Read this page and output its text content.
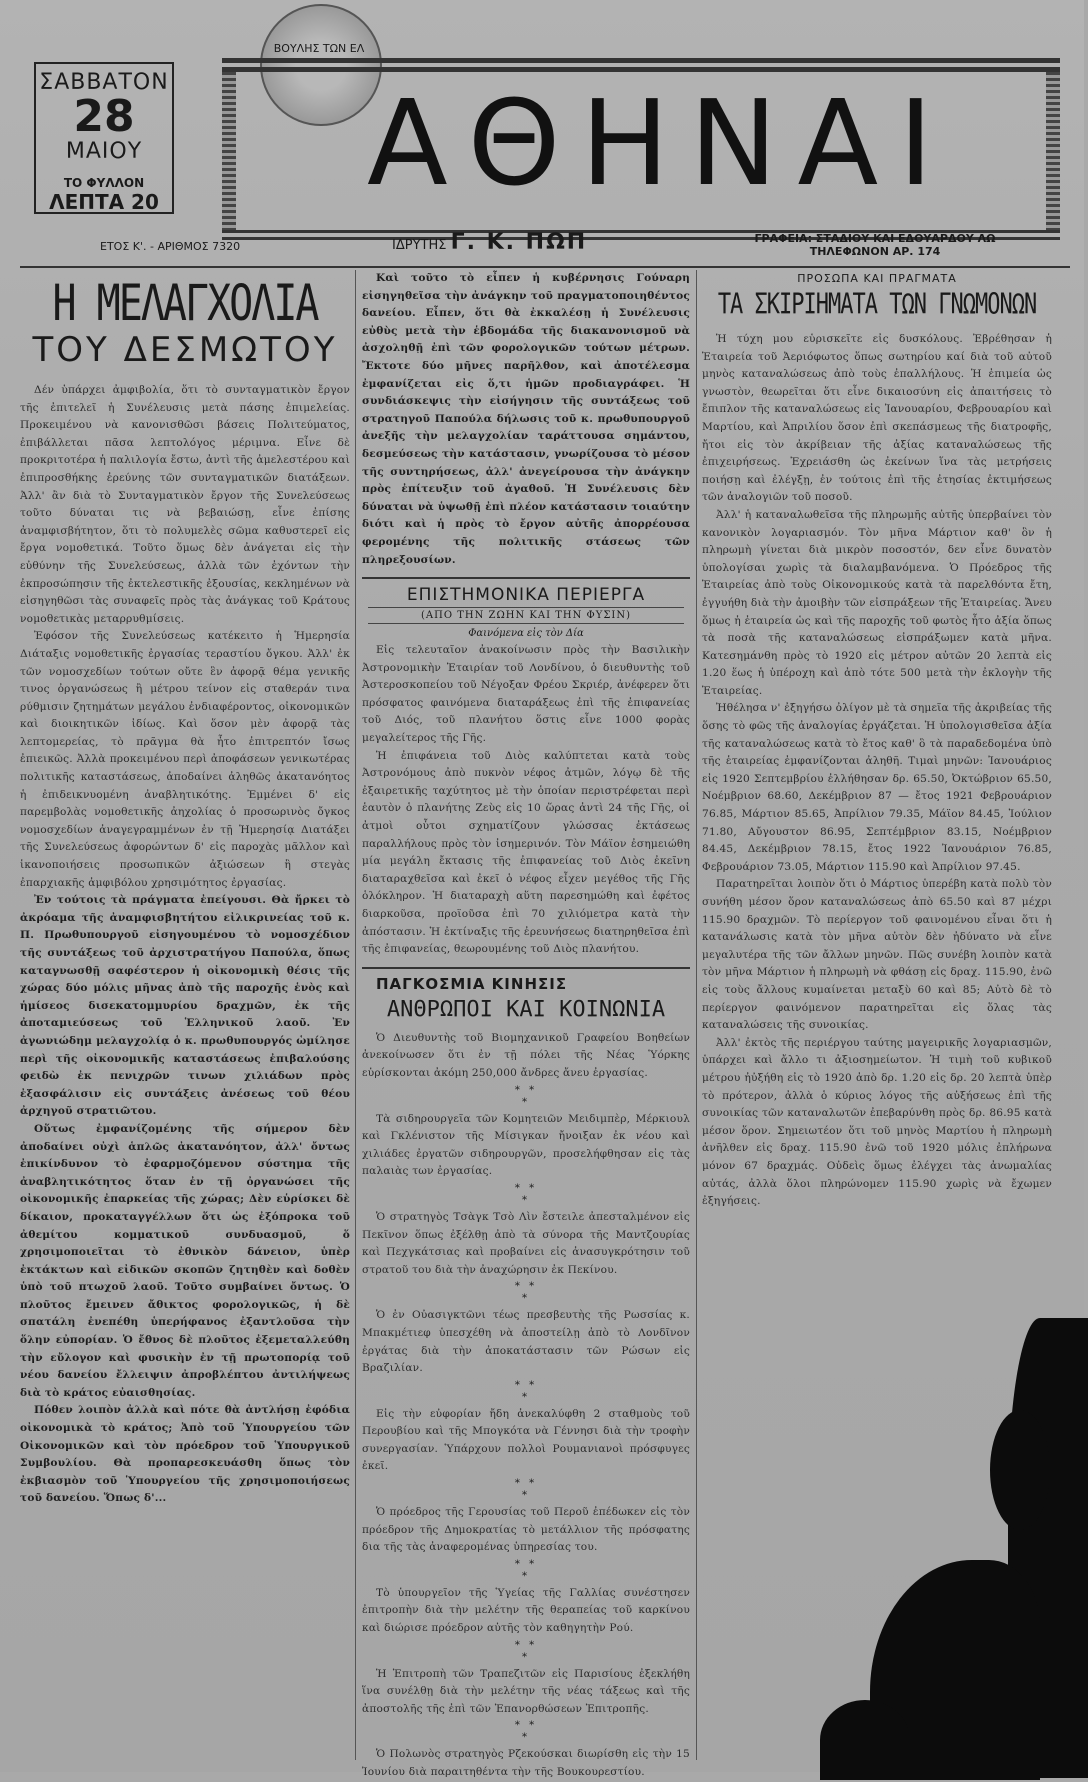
ΣΑΒΒΑΤΟΝ
28
ΜΑΙΟΥ
ΤΟ ΦΥΛΛΟΝ
ΛΕΠΤΑ 20
ΒΟΥΛΗΣ ΤΩΝ ΕΛ
ΑΘΗΝΑΙ
ΕΤΟΣ Κ'. - ΑΡΙΘΜΟΣ 7320	ΙΔΡΥΤΗΣ Γ. Κ. ΠΩΠ	ΓΡΑΦΕΙΑ: ΣΤΑΔΙΟΥ ΚΑΙ ΕΔΟΥΑΡΔΟΥ ΛΩ
ΤΗΛΕΦΩΝΟΝ ΑΡ. 174
Η ΜΕΛΑΓΧΟΛΙΑ
ΤΟΥ ΔΕΣΜΩΤΟΥ

Δέν ὑπάρχει ἀμφιβολία, ὅτι τὸ συνταγματικὸν ἔργον τῆς ἐπιτελεῖ ἡ Συνέλευσις μετὰ πάσης ἐπιμελείας. Προκειμένου νὰ κανονισθῶσι βάσεις Πολιτεύματος, ἐπιβάλλεται πᾶσα λεπτολόγος μέριμνα. Εἶνε δὲ προκριτοτέρα ἡ παλιλογία ἔστω, ἀντὶ τῆς ἀμελεστέρου καὶ ἐπιπροσθήκης ἐρεύνης τῶν συνταγματικῶν διατάξεων. Ἀλλ' ἂν διὰ τὸ Συνταγματικὸν ἔργον τῆς Συνελεύσεως τοῦτο δύναται τις νὰ βεβαιώσῃ, εἶνε ἐπίσης ἀναμφισβήτητον, ὅτι τὸ πολυμελὲς σῶμα καθυστερεῖ εἰς ἔργα νομοθετικά. Τοῦτο ὅμως δὲν ἀνάγεται εἰς τὴν εὐθύνην τῆς Συνελεύσεως, ἀλλὰ τῶν ἐχόντων τὴν ἐκπροσώπησιν τῆς ἐκτελεστικῆς ἐξουσίας, κεκλημένων νὰ εἰσηγηθῶσι τὰς συναφεῖς πρὸς τὰς ἀνάγκας τοῦ Κράτους νομοθετικὰς μεταρρυθμίσεις.

Ἐφόσον τῆς Συνελεύσεως κατέκειτο ἡ Ἡμερησία Διάταξις νομοθετικῆς ἐργασίας τεραστίου ὄγκου. Ἀλλ' ἐκ τῶν νομοσχεδίων τούτων οὔτε ἓν ἀφορᾷ θέμα γενικῆς τινος ὀργανώσεως ἢ μέτρου τείνον εἰς σταθεράν τινα ρύθμισιν ζητημάτων μεγάλου ἐνδιαφέροντος, οἰκονομικῶν καὶ διοικητικῶν ἰδίως. Καὶ ὅσον μὲν ἀφορᾷ τὰς λεπτομερείας, τὸ πρᾶγμα θὰ ἦτο ἐπιτρεπτόν ἴσως ἐπιεικῶς. Ἀλλὰ προκειμένου περὶ ἀποφάσεων γενικωτέρας πολιτικῆς καταστάσεως, ἀποδαίνει ἀληθῶς ἀκατανόητος ἡ ἐπιδεικνυομένη ἀναβλητικότης. Ἐμμένει δ' εἰς παρεμβολὰς νομοθετικῆς ἀηχολίας ὁ προσωρινὸς ὄγκος νομοσχεδίων ἀναγεγραμμένων ἐν τῇ Ἡμερησίᾳ Διατάξει τῆς Συνελεύσεως ἀφορώντων δ' εἰς παροχὰς μᾶλλον καὶ ἱκανοποιήσεις προσωπικῶν ἀξιώσεων ἢ στεγὰς ἐπαρχιακῆς ἀμφιβόλου χρησιμότητος ἐργασίας.

Ἐν τούτοις τὰ πράγματα ἐπείγουσι. Θὰ ἤρκει τὸ ἀκρόαμα τῆς ἀναμφισβητήτου εἰλικρινείας τοῦ κ. Π. Πρωθυπουργοῦ εἰσηγουμένου τὸ νομοσχέδιον τῆς συντάξεως τοῦ ἀρχιστρατήγου Παπούλα, ὅπως καταγνωσθῇ σαφέστερον ἡ οἰκονομικὴ θέσις τῆς χώρας δύο μόλις μῆνας ἀπὸ τῆς παροχῆς ἑνὸς καὶ ἡμίσεος δισεκατομμυρίου δραχμῶν, ἐκ τῆς ἀποταμιεύσεως τοῦ Ἑλληνικοῦ λαοῦ. Ἐν ἀγωνιώδημ μελαγχολίᾳ ὁ κ. πρωθυπουργός ὡμίλησε περὶ τῆς οἰκονομικῆς καταστάσεως ἐπιβαλούσης φειδὼ ἐκ πενιχρῶν τινων χιλιάδων πρὸς ἐξασφάλισιν εἰς συντάξεις ἀνέσεως τοῦ θέου ἀρχηγοῦ στρατιῶτου.

Οὕτως ἐμφανίζομένης τῆς σήμερον δὲν ἀποδαίνει οὐχὶ ἁπλῶς ἀκατανόητον, ἀλλ' ὄντως ἐπικίνδυνον τὸ ἐφαρμοζόμενον σύστημα τῆς ἀναβλητικότητος ὅταν ἐν τῇ ὀργανώσει τῆς οἰκονομικῆς ἐπαρκείας τῆς χώρας; Δὲν εὑρίσκει δὲ δίκαιον, προκαταγγέλλων ὅτι ὡς ἐξόπροκα τοῦ ἀθεμίτου κομματικοῦ συνδυασμοῦ, ὅ χρησιμοποιεῖται τὸ ἐθνικὸν δάνειον, ὑπὲρ ἐκτάκτων καὶ εἰδικῶν σκοπῶν ζητηθὲν καὶ δοθὲν ὑπὸ τοῦ πτωχοῦ λαοῦ. Τοῦτο συμβαίνει ὄντως. Ὁ πλοῦτος ἔμεινεν ἄθικτος φορολογικῶς, ἡ δὲ σπατάλη ἐνεπέθη ὑπερήφανος ἐξαντλοῦσα τὴν ὅλην εὐπορίαν. Ὁ ἔθνος δὲ πλοῦτος ἐξεμεταλλεύθη τὴν εὔλογον καὶ φυσικὴν ἐν τῇ πρωτοπορίᾳ τοῦ νέου δανείου ἔλλειψιν ἀπροβλέπτου ἀντιλήψεως διὰ τὸ κράτος εὐαισθησίας.

Πόθεν λοιπὸν ἀλλὰ καὶ πότε θὰ ἀντλήσῃ ἐφόδια οἰκονομικὰ τὸ κράτος; Ἀπὸ τοῦ Ὑπουργείου τῶν Οἰκονομικῶν καὶ τὸν πρόεδρον τοῦ Ὑπουργικοῦ Συμβουλίου. Θὰ προπαρεσκευάσθη ὅπως τὸν ἐκβιασμὸν τοῦ Ὑπουργείου τῆς χρησιμοποιήσεως τοῦ δανείου. Ὅπως δ'...

Καὶ τοῦτο τὸ εἶπεν ἡ κυβέρνησις Γούναρη εἰσηγηθεῖσα τὴν ἀνάγκην τοῦ πραγματοποιηθέντος δανείου. Εἶπεν, ὅτι θὰ ἐκκαλέσῃ ἡ Συνέλευσις εὐθὺς μετὰ τὴν ἑβδομάδα τῆς διακανονισμοῦ νὰ ἀσχοληθῇ ἐπὶ τῶν φορολογικῶν τούτων μέτρων. Ἔκτοτε δύο μῆνες παρῆλθον, καὶ ἀποτέλεσμα ἐμφανίζεται εἰς ὅ,τι ἡμῶν προδιαγράφει. Ἡ συνδιάσκεψις τὴν εἰσήγησιν τῆς συντάξεως τοῦ στρατηγοῦ Παπούλα δήλωσις τοῦ κ. πρωθυπουργοῦ ἀνεξῆς τὴν μελαγχολίαν ταράττουσα σημάντου, δεσμεύσεως τὴν κατάστασιν, γνωρίζουσα τὸ μέσον τῆς συντηρήσεως, ἀλλ' ἀνεγείρουσα τὴν ἀνάγκην πρὸς ἐπίτευξιν τοῦ ἀγαθοῦ. Ἡ Συνέλευσις δὲν δύναται νὰ ὑψωθῇ ἐπὶ πλέον κατάστασιν τοιαύτην διότι καὶ ἡ πρὸς τὸ ἔργον αὐτῆς ἀπορρέουσα φερομένης τῆς πολιτικῆς στάσεως τῶν πληρεξουσίων.

ΕΠΙΣΤΗΜΟΝΙΚΑ ΠΕΡΙΕΡΓΑ
(ΑΠΟ ΤΗΝ ΖΩΗΝ ΚΑΙ ΤΗΝ ΦΥΣΙΝ)
Φαινόμενα εἰς τὸν Δία

Εἰς τελευταῖον ἀνακοίνωσιν πρὸς τὴν Βασιλικὴν Ἀστρονομικὴν Ἑταιρίαν τοῦ Λονδίνου, ὁ διευθυντὴς τοῦ Ἀστεροσκοπείου τοῦ Νέγοξαν Φρέου Σκριέρ, ἀνέφερεν ὅτι πρόσφατος φαινόμενα διαταράξεως ἐπὶ τῆς ἐπιφανείας τοῦ Διός, τοῦ πλανήτου ὅστις εἶνε 1000 φορὰς μεγαλείτερος τῆς Γῆς.

Ἡ ἐπιφάνεια τοῦ Διὸς καλύπτεται κατὰ τοὺς Ἀστρονόμους ἀπὸ πυκνὸν νέφος ἀτμῶν, λόγῳ δὲ τῆς ἐξαιρετικῆς ταχύτητος μὲ τὴν ὁποίαν περιστρέφεται περὶ ἑαυτὸν ὁ πλανήτης Ζεὺς εἰς 10 ὥρας ἀντὶ 24 τῆς Γῆς, οἱ ἀτμοὶ οὗτοι σχηματίζουν γλώσσας ἐκτάσεως παραλλήλους πρὸς τὸν ἰσημερινόν. Τὸν Μάϊον ἐσημειώθη μία μεγάλη ἔκτασις τῆς ἐπιφανείας τοῦ Διὸς ἐκεῖνη διαταραχθεῖσα καὶ ἐκεῖ ὁ νέφος εἶχεν μεγέθος τῆς Γῆς ὁλόκληρον. Ἡ διαταραχὴ αὕτη παρεσημώθη καὶ ἐφέτος διαρκοῦσα, προϊοῦσα ἐπὶ 70 χιλιόμετρα κατὰ τὴν ἀπόστασιν. Ἡ ἐκτίναξις τῆς ἐρευνήσεως διατηρηθεῖσα ἐπὶ τῆς ἐπιφανείας, θεωρουμένης τοῦ Διὸς πλανήτου.

ΠΑΓΚΟΣΜΙΑ ΚΙΝΗΣΙΣ
ΑΝΘΡΩΠΟΙ ΚΑΙ ΚΟΙΝΩΝΙΑ

Ὁ Διευθυντὴς τοῦ Βιομηχανικοῦ Γραφείου Βοηθείων ἀνεκοίνωσεν ὅτι ἐν τῇ πόλει τῆς Νέας Ὑόρκης εὑρίσκονται ἀκόμη 250,000 ἄνδρες ἄνευ ἐργασίας.

* *
*

Τὰ σιδηρουργεῖα τῶν Κομητειῶν Μειδιμπὲρ, Μέρκιουλ καὶ Γκλένιστον τῆς Μίσιγκαν ἤνοιξαν ἐκ νέου καὶ χιλιάδες ἐργατῶν σιδηρουργῶν, προσελήφθησαν εἰς τὰς παλαιὰς των ἐργασίας.

* *
*

Ὁ στρατηγὸς Τσὰγκ Τσὸ Λὶν ἔστειλε ἀπεσταλμένον εἰς Πεκῖνον ὅπως ἐξέλθῃ ἀπὸ τὰ σύνορα τῆς Μαντζουρίας καὶ Πεχγκάτσιας καὶ προβαίνει εἰς ἀνασυγκρότησιν τοῦ στρατοῦ του διὰ τὴν ἀναχώρησιν ἐκ Πεκίνου.

* *
*

Ὁ ἐν Οὐασιγκτῶνι τέως πρεσβευτὴς τῆς Ρωσσίας κ. Μπακμέτιεφ ὑπεσχέθη νὰ ἀποστείλῃ ἀπὸ τὸ Λονδῖνον ἐργάτας διὰ τὴν ἀποκατάστασιν τῶν Ρώσων εἰς Βραζιλίαν.

* *
*

Εἰς τὴν εὐφορίαν ἤδη ἀνεκαλύφθη 2 σταθμοὺς τοῦ Περουβίου καὶ τῆς Μπογκότα νὰ Γέννησι διὰ τὴν τροφὴν συνεργασίαν. Ὑπάρχουν πολλοὶ Ρουμανιανοὶ πρόσφυγες ἐκεῖ.

* *
*

Ὁ πρόεδρος τῆς Γερουσίας τοῦ Περοῦ ἐπέδωκεν εἰς τὸν πρόεδρον τῆς Δημοκρατίας τὸ μετάλλιον τῆς πρόσφατης δια τῆς τὰς ἀναφερομένας ὑπηρεσίας του.

* *
*

Τὸ ὑπουργεῖον τῆς Ὑγείας τῆς Γαλλίας συνέστησεν ἐπιτροπὴν διὰ τὴν μελέτην τῆς θεραπείας τοῦ καρκίνου καὶ διώρισε πρόεδρον αὐτῆς τὸν καθηγητὴν Ρού.

* *
*

Ἡ Ἐπιτροπὴ τῶν Τραπεζιτῶν εἰς Παρισίους ἐξεκλήθη ἵνα συνέλθῃ διὰ τὴν μελέτην τῆς νέας τάξεως καὶ τῆς ἀποστολῆς τῆς ἐπὶ τῶν Ἐπανορθώσεων Ἐπιτροπῆς.

* *
*

Ὁ Πολωνὸς στρατηγὸς Ρζεκούσκαι διωρίσθη εἰς τὴν 15 Ἰουνίου διὰ παραιτηθέντα τὴν τῆς Βουκουρεστίου.

ΠΡΟΣΩΠΑ ΚΑΙ ΠΡΑΓΜΑΤΑ
ΤΑ ΣΚΙΡΙΗΜΑΤΑ ΤΩΝ ΓΝΩΜΟΝΩΝ

Ἡ τύχη μου εὑρισκεῖτε εἰς δυσκόλους. Ἐβρέθησαν ἡ Ἑταιρεία τοῦ Ἀεριόφωτος ὅπως σωτηρίου καί διὰ τοῦ αὐτοῦ μηνὸς καταναλώσεως ἀπὸ τοὺς ἐπαλλήλους. Ἡ ἐπιμεία ὡς γνωστὸν, θεωρεῖται ὅτι εἶνε δικαιοσύνη εἰς ἀπαιτήσεις τὸ ἔπιπλον τῆς καταναλώσεως εἰς Ἰανουαρίου, Φεβρουαρίου καὶ Μαρτίου, καὶ Ἀπριλίου ὅσον ἐπὶ σκεπάσμεως τῆς διατροφῆς, ἤτοι εἰς τὸν ἀκρίβειαν τῆς ἀξίας καταναλώσεως τῆς ἐπιχειρήσεως. Ἐχρειάσθη ὡς ἐκείνων ἵνα τὰς μετρήσεις ποιήσῃ καὶ ἐλέγξῃ, ἐν τούτοις ἐπὶ τῆς ἐτησίας ἐκτιμήσεως τῶν ἀναλογιῶν τοῦ ποσοῦ.

Ἀλλ' ἡ καταναλωθεῖσα τῆς πληρωμῆς αὐτῆς ὑπερβαίνει τὸν κανονικὸν λογαριασμόν. Τὸν μῆνα Μάρτιον καθ' ὃν ἡ πληρωμὴ γίνεται διὰ μικρὸν ποσοστόν, δεν εἶνε δυνατὸν ὑπολογίσαι χωρὶς τὰ διαλαμβανόμενα. Ὁ Πρόεδρος τῆς Ἑταιρείας ἀπὸ τοὺς Οἰκονομικούς κατὰ τὰ παρελθόντα ἔτη, ἐγγυήθη διὰ τὴν ἀμοιβὴν τῶν εἰσπράξεων τῆς Ἑταιρείας. Ἄνευ ὅμως ἡ ἐταιρεία ὡς καὶ τῆς παροχῆς τοῦ φωτὸς ἦτο ἀξία ὅπως τὰ ποσὰ τῆς καταναλώσεως εἰσπράξωμεν κατὰ μῆνα. Κατεσημάνθη πρὸς τὸ 1920 εἰς μέτρον αὐτῶν 20 λεπτὰ εἰς 1.20 ἕως ἡ ὑπέροχη καὶ ἀπὸ τότε 500 μετὰ τὴν ἐκλογὴν τῆς Ἑταιρείας.

Ἠθέλησα ν' ἐξηγήσω ὀλίγον μὲ τὰ σημεῖα τῆς ἀκριβείας τῆς ὅσης τὸ φῶς τῆς ἀναλογίας ἐργάζεται. Ἡ ὑπολογισθεῖσα ἀξία τῆς καταναλώσεως κατὰ τὸ ἔτος καθ' ὃ τὰ παραδεδομένα ὑπὸ τῆς ἑταιρείας ἐμφανίζονται ἀληθῆ. Τιμαὶ μηνῶν: Ἰανουάριος εἰς 1920 Σεπτεμβρίου ἐλλήθησαν δρ. 65.50, Ὀκτώβριον 65.50, Νοέμβριον 68.60, Δεκέμβριον 87 — ἔτος 1921 Φεβρουάριον 76.85, Μάρτιον 85.65, Ἀπρίλιον 79.35, Μάϊον 84.45, Ἰούλιον 71.80, Αὔγουστον 86.95, Σεπτέμβριον 83.15, Νοέμβριον 84.45, Δεκέμβριον 78.15, ἔτος 1922 Ἰανουάριον 76.85, Φεβρουάριον 73.05, Μάρτιον 115.90 καὶ Ἀπρίλιον 97.45.

Παρατηρεῖται λοιπὸν ὅτι ὁ Μάρτιος ὑπερέβη κατὰ πολὺ τὸν συνήθη μέσον ὅρον καταναλώσεως ἀπὸ 65.50 καὶ 87 μέχρι 115.90 δραχμῶν. Τὸ περίεργον τοῦ φαινομένου εἶναι ὅτι ἡ κατανάλωσις κατὰ τὸν μῆνα αὐτὸν δὲν ἠδύνατο νὰ εἶνε μεγαλυτέρα τῆς τῶν ἄλλων μηνῶν. Πῶς συνέβη λοιπὸν κατὰ τὸν μῆνα Μάρτιον ἡ πληρωμὴ νὰ φθάσῃ εἰς δραχ. 115.90, ἐνῶ εἰς τοὺς ἄλλους κυμαίνεται μεταξὺ 60 καὶ 85; Αὐτὸ δὲ τὸ περίεργον φαινόμενον παρατηρεῖται εἰς ὅλας τὰς καταναλώσεις τῆς συνοικίας.

Ἀλλ' ἐκτὸς τῆς περιέργου ταύτης μαγειρικῆς λογαριασμῶν, ὑπάρχει καὶ ἄλλο τι ἀξιοσημείωτον. Ἡ τιμὴ τοῦ κυβικοῦ μέτρου ἠὐξήθη εἰς τὸ 1920 ἀπὸ δρ. 1.20 εἰς δρ. 20 λεπτὰ ὑπὲρ τὸ πρότερον, ἀλλὰ ὁ κύριος λόγος τῆς αὐξήσεως ἐπὶ τῆς συνοικίας τῶν καταναλωτῶν ἐπεβαρύνθη πρὸς δρ. 86.95 κατὰ μέσον ὅρον. Σημειωτέον ὅτι τοῦ μηνὸς Μαρτίου ἡ πληρωμὴ ἀνῆλθεν εἰς δραχ. 115.90 ἐνῶ τοῦ 1920 μόλις ἐπλήρωνα μόνον 67 δραχμάς. Οὐδεὶς ὅμως ἐλέγχει τὰς ἀνωμαλίας αὐτάς, ἀλλὰ ὅλοι πληρώνομεν 115.90 χωρὶς νὰ ἔχωμεν ἐξηγήσεις.
